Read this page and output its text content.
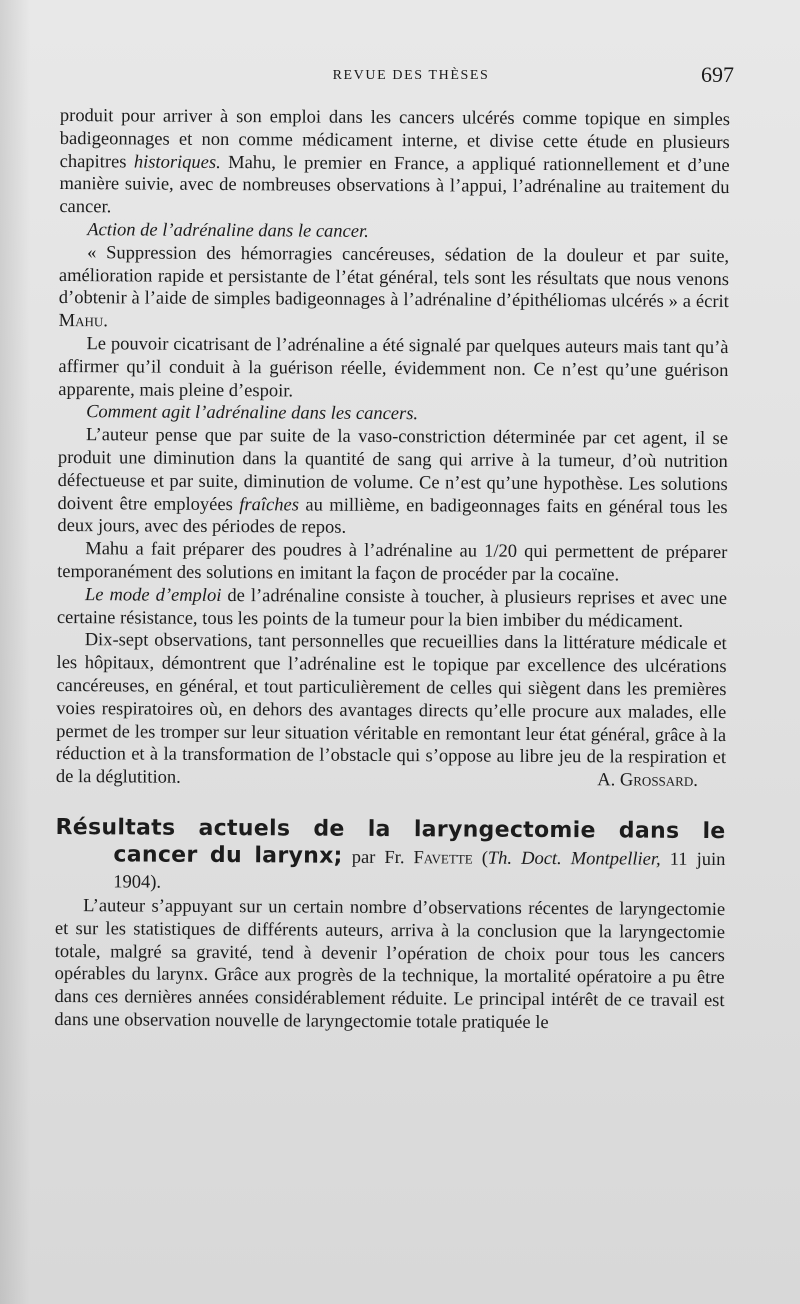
REVUE DES THÈSES	697

produit pour arriver à son emploi dans les cancers ulcérés comme topique en simples badigeonnages et non comme médicament interne, et divise cette étude en plusieurs chapitres historiques. Mahu, le premier en France, a appliqué rationnellement et d’une manière suivie, avec de nombreuses observations à l’appui, l’adrénaline au traitement du cancer.

Action de l’adrénaline dans le cancer.

« Suppression des hémorragies cancéreuses, sédation de la douleur et par suite, amélioration rapide et persistante de l’état général, tels sont les résultats que nous venons d’obtenir à l’aide de simples badigeonnages à l’adrénaline d’épithéliomas ulcérés » a écrit Mahu.

Le pouvoir cicatrisant de l’adrénaline a été signalé par quelques auteurs mais tant qu’à affirmer qu’il conduit à la guérison réelle, évidemment non. Ce n’est qu’une guérison apparente, mais pleine d’espoir.

Comment agit l’adrénaline dans les cancers.

L’auteur pense que par suite de la vaso-constriction déterminée par cet agent, il se produit une diminution dans la quantité de sang qui arrive à la tumeur, d’où nutrition défectueuse et par suite, diminution de volume. Ce n’est qu’une hypothèse. Les solutions doivent être employées fraîches au millième, en badigeonnages faits en général tous les deux jours, avec des périodes de repos.

Mahu a fait préparer des poudres à l’adrénaline au 1/20 qui permettent de préparer temporanément des solutions en imitant la façon de procéder par la cocaïne.

Le mode d’emploi de l’adrénaline consiste à toucher, à plusieurs reprises et avec une certaine résistance, tous les points de la tumeur pour la bien imbiber du médicament.

Dix-sept observations, tant personnelles que recueillies dans la littérature médicale et les hôpitaux, démontrent que l’adrénaline est le topique par excellence des ulcérations cancéreuses, en général, et tout particulièrement de celles qui siègent dans les premières voies respiratoires où, en dehors des avantages directs qu’elle procure aux malades, elle permet de les tromper sur leur situation véritable en remontant leur état général, grâce à la réduction et à la transformation de l’obstacle qui s’oppose au libre jeu de la respiration et de la déglutition.	A. Grossard.

Résultats actuels de la laryngectomie dans le cancer du larynx; par Fr. Favette (Th. Doct. Montpellier, 11 juin 1904).

L’auteur s’appuyant sur un certain nombre d’observations récentes de laryngectomie et sur les statistiques de différents auteurs, arriva à la conclusion que la laryngectomie totale, malgré sa gravité, tend à devenir l’opération de choix pour tous les cancers opérables du larynx. Grâce aux progrès de la technique, la mortalité opératoire a pu être dans ces dernières années considérablement réduite. Le principal intérêt de ce travail est dans une observation nouvelle de laryngectomie totale pratiquée le
